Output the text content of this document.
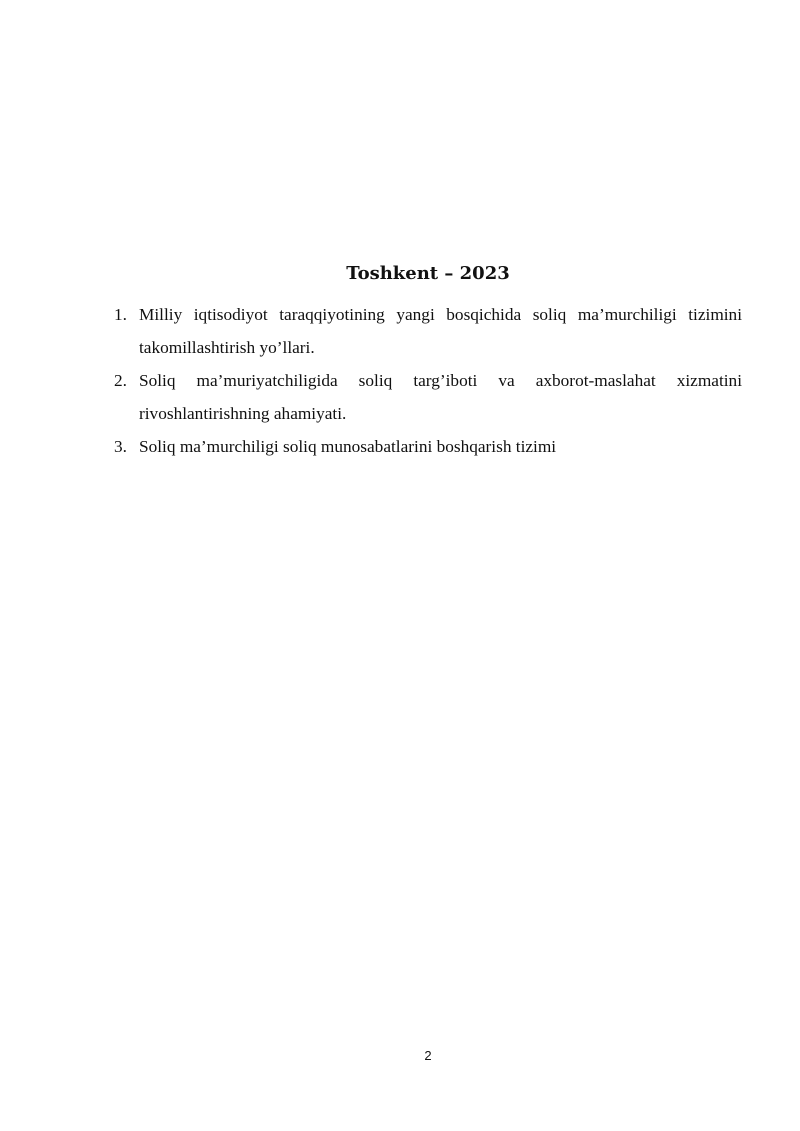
Toshkent – 2023
1. Milliy iqtisodiyot taraqqiyotining yangi bosqichida soliq ma’murchiligi tizimini takomillashtirish yo’llari.
2. Soliq ma’muriyatchiligida soliq targ’iboti va axborot-maslahat xizmatini rivoshlantirishning ahamiyati.
3. Soliq ma’murchiligi soliq munosabatlarini boshqarish tizimi
2
